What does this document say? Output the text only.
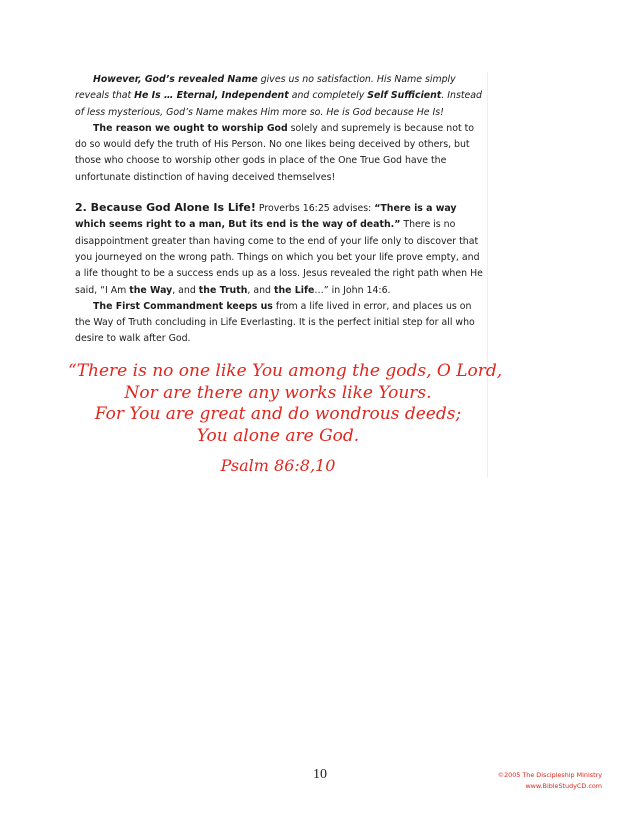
However, God’s revealed Name gives us no satisfaction. His Name simply reveals that He Is … Eternal, Independent and completely Self Sufficient. Instead of less mysterious, God’s Name makes Him more so. He is God because He Is!

The reason we ought to worship God solely and supremely is because not to do so would defy the truth of His Person. No one likes being deceived by others, but those who choose to worship other gods in place of the One True God have the unfortunate distinction of having deceived themselves!

2. Because God Alone Is Life! Proverbs 16:25 advises: “There is a way which seems right to a man, But its end is the way of death.” There is no disappointment greater than having come to the end of your life only to discover that you journeyed on the wrong path. Things on which you bet your life prove empty, and a life thought to be a success ends up as a loss. Jesus revealed the right path when He said, “I Am the Way, and the Truth, and the Life…” in John 14:6.

The First Commandment keeps us from a life lived in error, and places us on the Way of Truth concluding in Life Everlasting. It is the perfect initial step for all who desire to walk after God.

“There is no one like You among the gods, O Lord,
Nor are there any works like Yours.
For You are great and do wondrous deeds;
You alone are God.
Psalm 86:8,10
10	©2005 The Discipleship Ministry
www.BibleStudyCD.com
